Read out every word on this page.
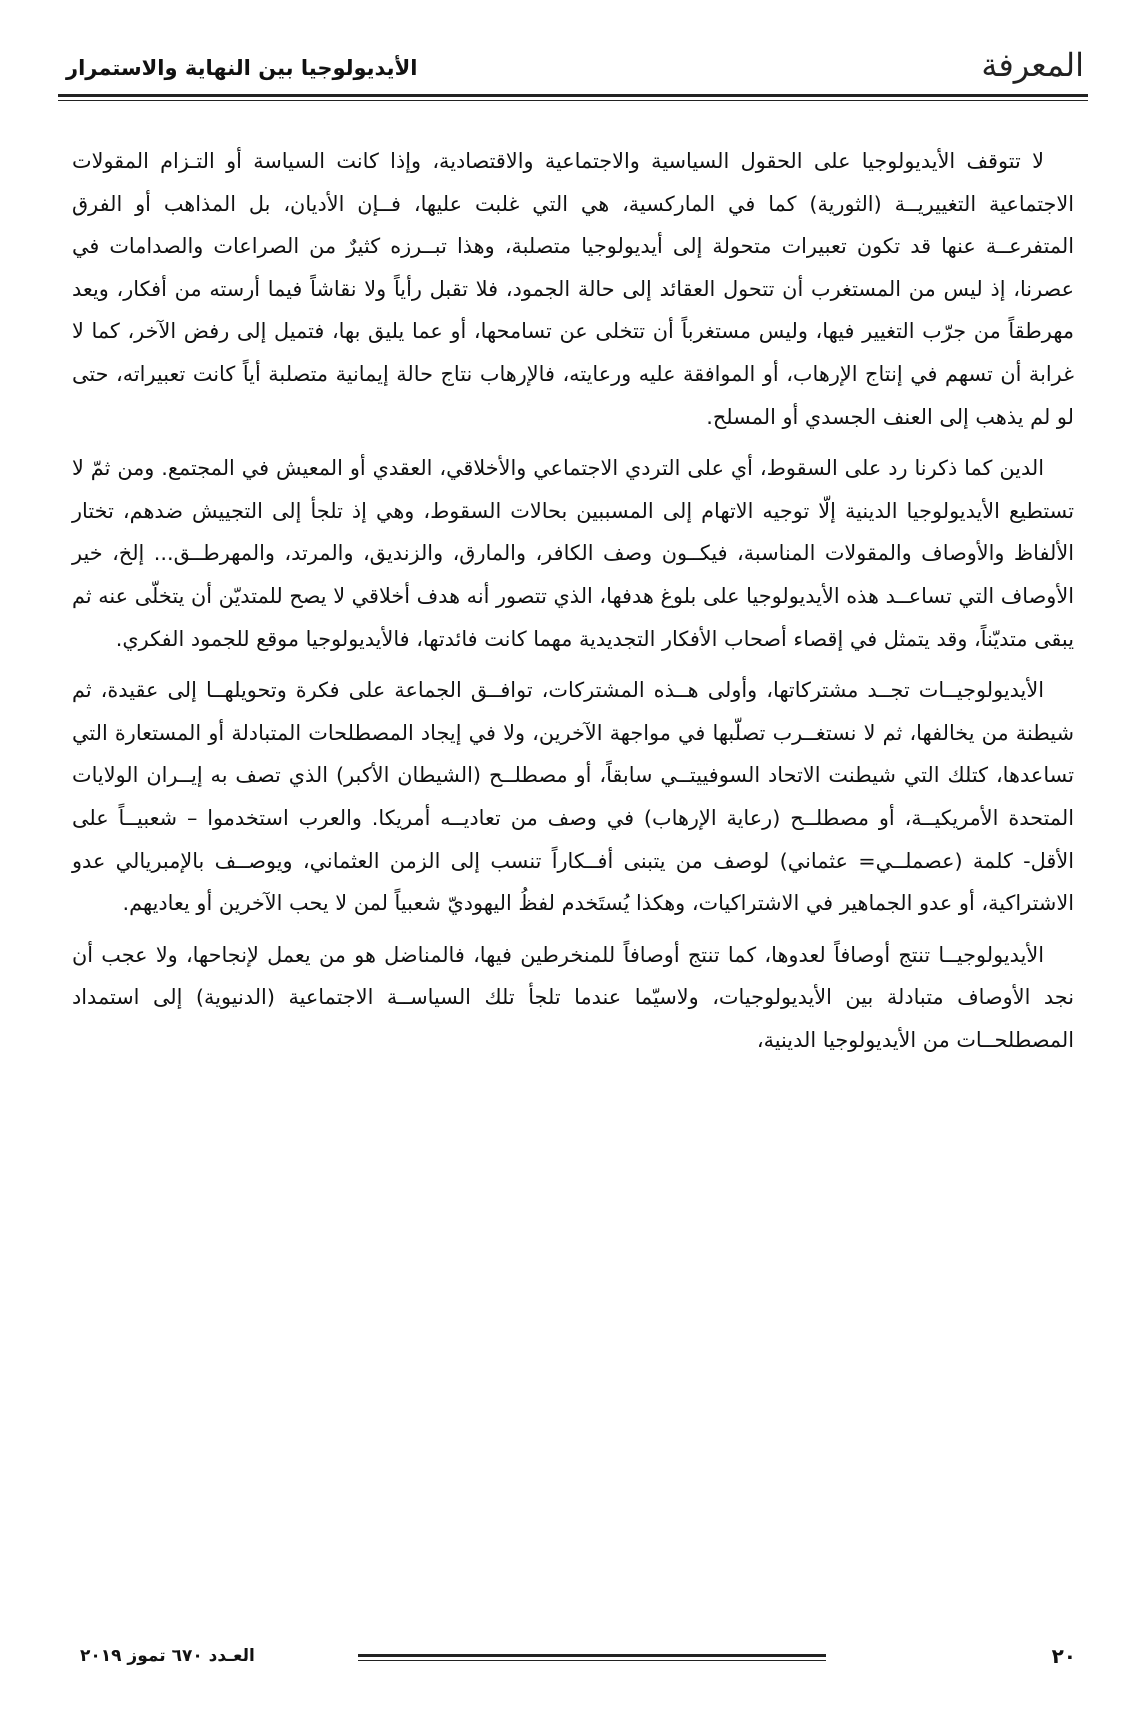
الأيديولوجيا بين النهاية والاستمرار	المعرفة

لا تتوقف الأيديولوجيا على الحقول السياسية والاجتماعية والاقتصادية، وإذا كانت السياسة أو التـزام المقولات الاجتماعية التغييريــة (الثورية) كما في الماركسية، هي التي غلبت عليها، فــإن الأديان، بل المذاهب أو الفرق المتفرعــة عنها قد تكون تعبيرات متحولة إلى أيديولوجيا متصلبة، وهذا تبــرزه كثيرٌ من الصراعات والصدامات في عصرنا، إذ ليس من المستغرب أن تتحول العقائد إلى حالة الجمود، فلا تقبل رأياً ولا نقاشاً فيما أرسته من أفكار، ويعد مهرطقاً من جرّب التغيير فيها، وليس مستغرباً أن تتخلى عن تسامحها، أو عما يليق بها، فتميل إلى رفض الآخر، كما لا غرابة أن تسهم في إنتاج الإرهاب، أو الموافقة عليه ورعايته، فالإرهاب نتاج حالة إيمانية متصلبة أياً كانت تعبيراته، حتى لو لم يذهب إلى العنف الجسدي أو المسلح.

الدين كما ذكرنا رد على السقوط، أي على التردي الاجتماعي والأخلاقي، العقدي أو المعيش في المجتمع. ومن ثمّ لا تستطيع الأيديولوجيا الدينية إلّا توجيه الاتهام إلى المسببين بحالات السقوط، وهي إذ تلجأ إلى التجييش ضدهم، تختار الألفاظ والأوصاف والمقولات المناسبة، فيكــون وصف الكافر، والمارق، والزنديق، والمرتد، والمهرطــق... إلخ، خير الأوصاف التي تساعــد هذه الأيديولوجيا على بلوغ هدفها، الذي تتصور أنه هدف أخلاقي لا يصح للمتديّن أن يتخلّى عنه ثم يبقى متديّناً، وقد يتمثل في إقصاء أصحاب الأفكار التجديدية مهما كانت فائدتها، فالأيديولوجيا موقع للجمود الفكري.

الأيديولوجيــات تجــد مشتركاتها، وأولى هــذه المشتركات، توافــق الجماعة على فكرة وتحويلهــا إلى عقيدة، ثم شيطنة من يخالفها، ثم لا نستغــرب تصلّبها في مواجهة الآخرين، ولا في إيجاد المصطلحات المتبادلة أو المستعارة التي تساعدها، كتلك التي شيطنت الاتحاد السوفييتــي سابقاً، أو مصطلــح (الشيطان الأكبر) الذي تصف به إيــران الولايات المتحدة الأمريكيــة، أو مصطلــح (رعاية الإرهاب) في وصف من تعاديــه أمريكا. والعرب استخدموا – شعبيــاً على الأقل- كلمة (عصملــي= عثماني) لوصف من يتبنى أفــكاراً تنسب إلى الزمن العثماني، ويوصــف بالإمبريالي عدو الاشتراكية، أو عدو الجماهير في الاشتراكيات، وهكذا يُستَخدم لفظُ اليهوديّ شعبياً لمن لا يحب الآخرين أو يعاديهم.

الأيديولوجيــا تنتج أوصافاً لعدوها، كما تنتج أوصافاً للمنخرطين فيها، فالمناضل هو من يعمل لإنجاحها، ولا عجب أن نجد الأوصاف متبادلة بين الأيديولوجيات، ولاسيّما عندما تلجأ تلك السياســة الاجتماعية (الدنيوية) إلى استمداد المصطلحــات من الأيديولوجيا الدينية،

العـدد ٦٧٠ تموز ٢٠١٩	٢٠
